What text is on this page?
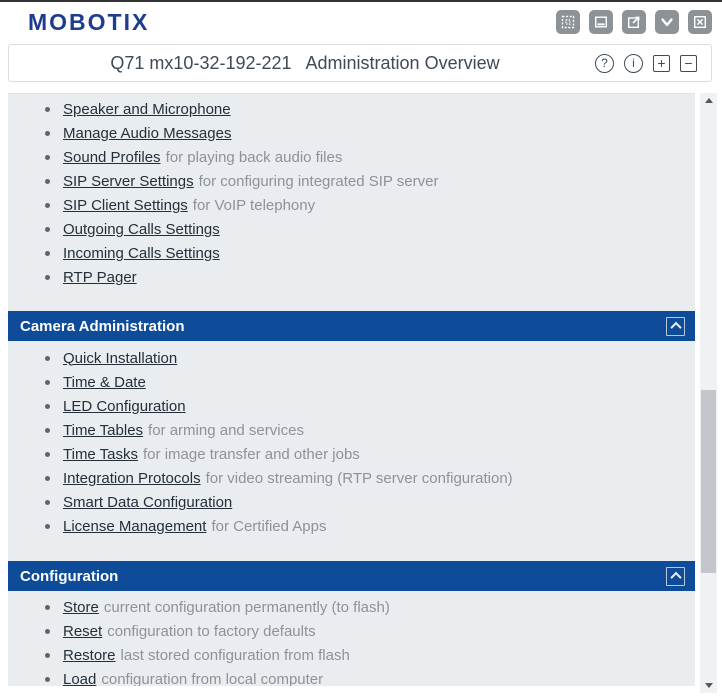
MOBOTIX
Q71 mx10-32-192-221 Administration Overview	?	i	+	−
Speaker and Microphone
Manage Audio Messages
Sound Profiles for playing back audio files
SIP Server Settings for configuring integrated SIP server
SIP Client Settings for VoIP telephony
Outgoing Calls Settings
Incoming Calls Settings
RTP Pager
Camera Administration
Quick Installation
Time & Date
LED Configuration
Time Tables for arming and services
Time Tasks for image transfer and other jobs
Integration Protocols for video streaming (RTP server configuration)
Smart Data Configuration
License Management for Certified Apps
Configuration
Store current configuration permanently (to flash)
Reset configuration to factory defaults
Restore last stored configuration from flash
Load configuration from local computer
